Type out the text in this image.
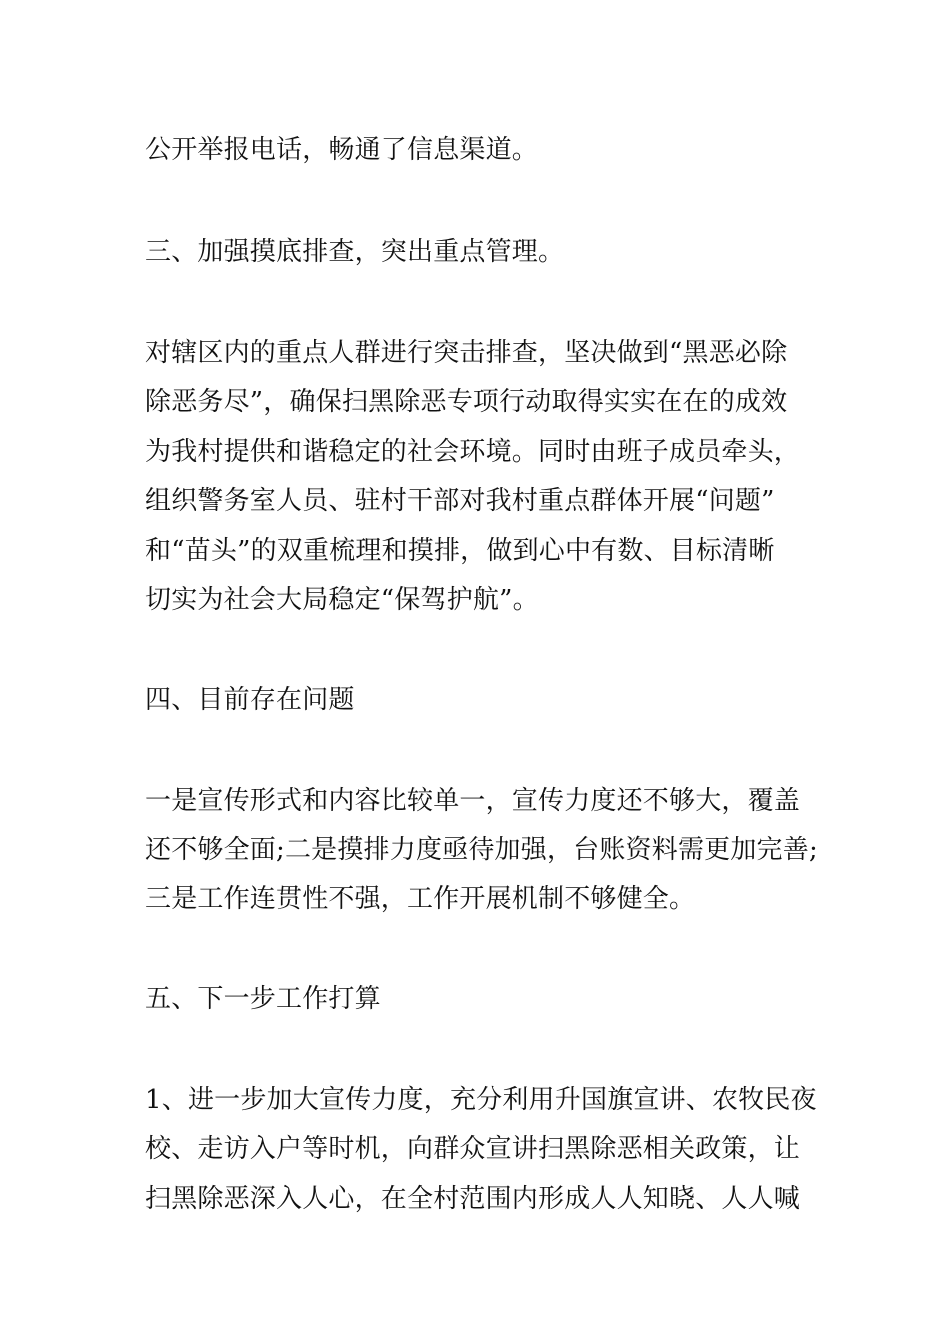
公开举报电话，畅通了信息渠道。
三、加强摸底排查，突出重点管理。
对辖区内的重点人群进行突击排查，坚决做到“黑恶必除
除恶务尽”，确保扫黑除恶专项行动取得实实在在的成效
为我村提供和谐稳定的社会环境。同时由班子成员牵头，
组织警务室人员、驻村干部对我村重点群体开展“问题”
和“苗头”的双重梳理和摸排，做到心中有数、目标清晰
切实为社会大局稳定“保驾护航”。
四、目前存在问题
一是宣传形式和内容比较单一，宣传力度还不够大，覆盖
还不够全面;二是摸排力度亟待加强，台账资料需更加完善;
三是工作连贯性不强，工作开展机制不够健全。
五、下一步工作打算
1、进一步加大宣传力度，充分利用升国旗宣讲、农牧民夜
校、走访入户等时机，向群众宣讲扫黑除恶相关政策，让
扫黑除恶深入人心，在全村范围内形成人人知晓、人人喊
